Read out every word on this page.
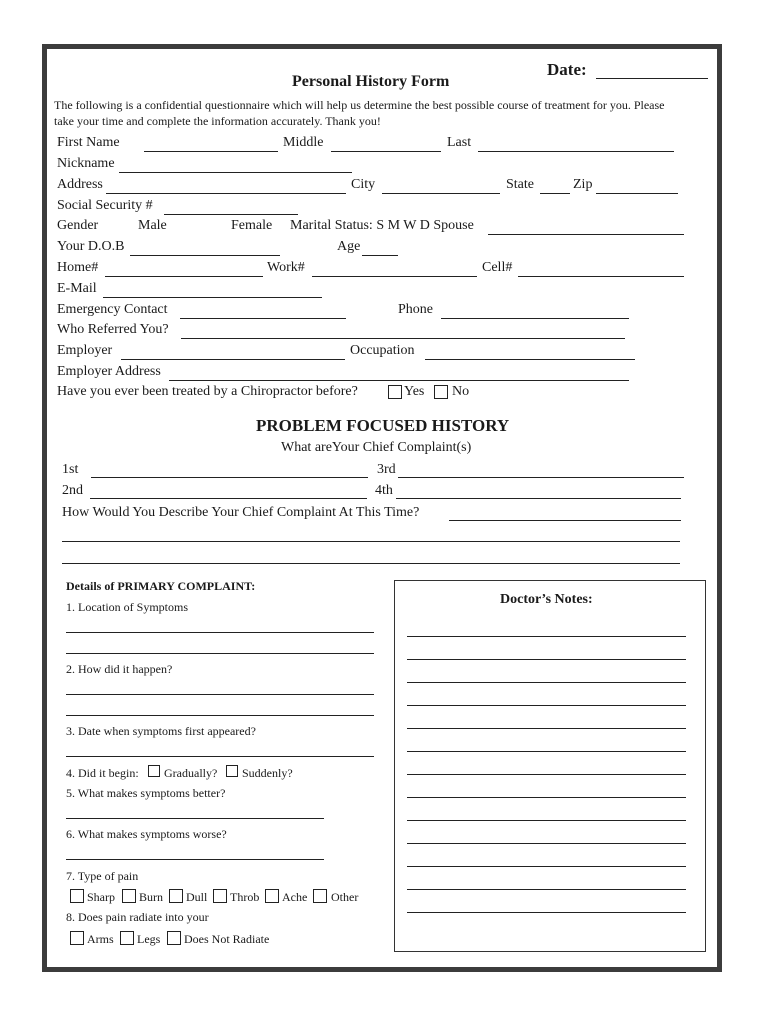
Date:
Personal History Form
The following is a confidential questionnaire which will help us determine the best possible course of treatment for you. Please
take your time and complete the information accurately. Thank you!
First Name	Middle	Last
Nickname
Address	City	State	Zip
Social Security #
Gender	Male	Female Marital Status: S M W D Spouse
Your D.O.B	Age
Home#	Work#	Cell#
E-Mail
Emergency Contact	Phone
Who Referred You?
Employer	Occupation
Employer Address
Have you ever been treated by a Chiropractor before?	Yes No
PROBLEM FOCUSED HISTORY
What areYour Chief Complaint(s)
1st	3rd
2nd	4th
How Would You Describe Your Chief Complaint At This Time?
Details of PRIMARY COMPLAINT:
1. Location of Symptoms
2. How did it happen?
3. Date when symptoms first appeared?
4. Did it begin: Gradually? Suddenly?
5. What makes symptoms better?
6. What makes symptoms worse?
7. Type of pain
Sharp Burn Dull Throb Ache Other
8. Does pain radiate into your
Arms Legs Does Not Radiate
Doctor’s Notes:
